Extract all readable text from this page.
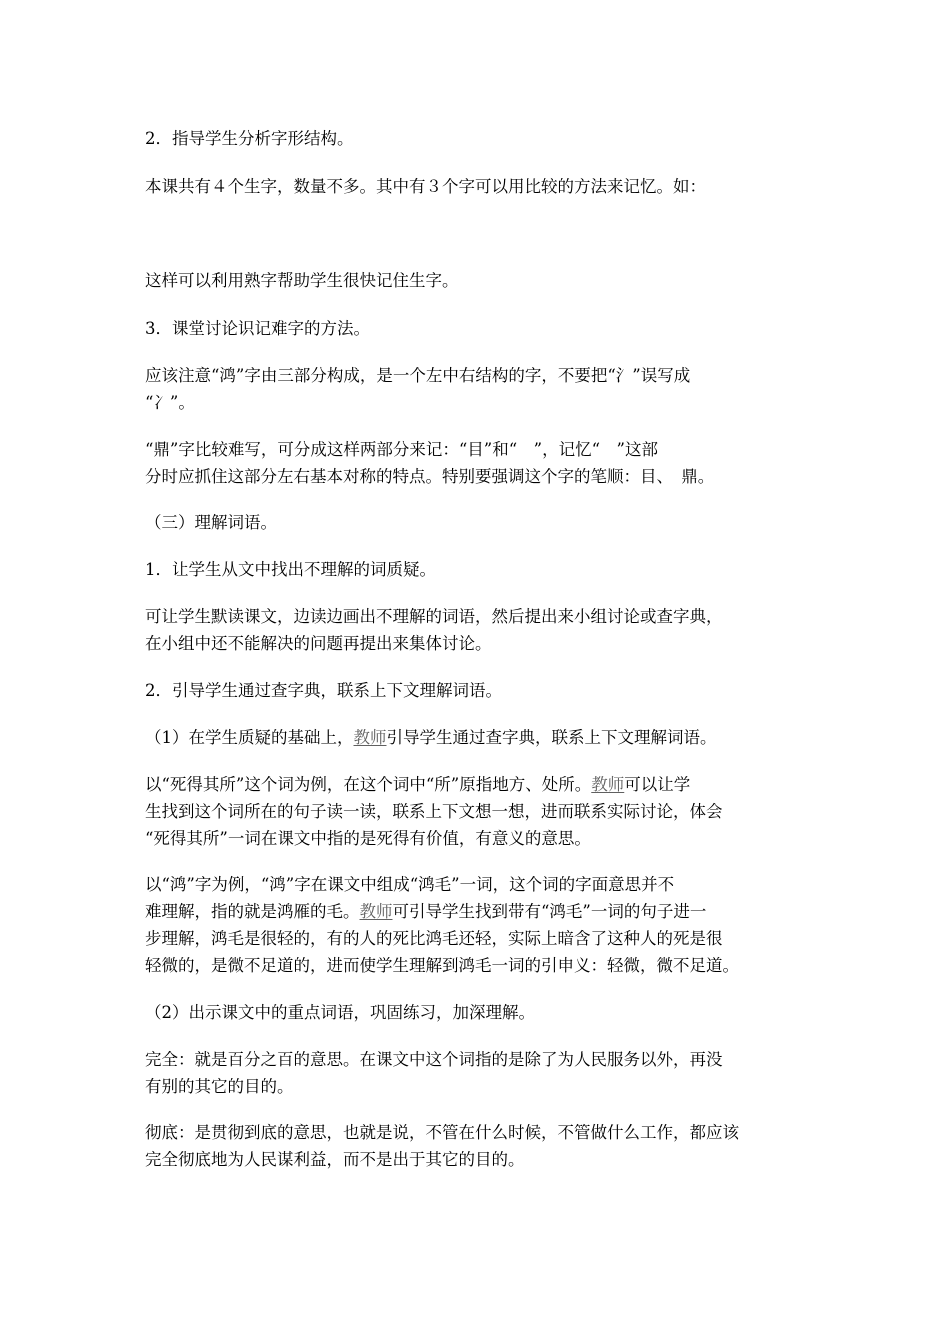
2．指导学生分析字形结构。

本课共有４个生字，数量不多。其中有３个字可以用比较的方法来记忆。如：

这样可以利用熟字帮助学生很快记住生字。

3．课堂讨论识记难字的方法。

应该注意“鸿”字由三部分构成，是一个左中右结构的字，不要把“氵”误写成

“冫”。

“鼎”字比较难写，可分成这样两部分来记：“目”和“　”，记忆“　”这部

分时应抓住这部分左右基本对称的特点。特别要强调这个字的笔顺：目、　鼎。

（三）理解词语。

1．让学生从文中找出不理解的词质疑。

可让学生默读课文，边读边画出不理解的词语，然后提出来小组讨论或查字典，

在小组中还不能解决的问题再提出来集体讨论。

2．引导学生通过查字典，联系上下文理解词语。

（1）在学生质疑的基础上，教师引导学生通过查字典，联系上下文理解词语。

以“死得其所”这个词为例，在这个词中“所”原指地方、处所。教师可以让学

生找到这个词所在的句子读一读，联系上下文想一想，进而联系实际讨论，体会

“死得其所”一词在课文中指的是死得有价值，有意义的意思。

以“鸿”字为例，“鸿”字在课文中组成“鸿毛”一词，这个词的字面意思并不

难理解，指的就是鸿雁的毛。教师可引导学生找到带有“鸿毛”一词的句子进一

步理解，鸿毛是很轻的，有的人的死比鸿毛还轻，实际上暗含了这种人的死是很

轻微的，是微不足道的，进而使学生理解到鸿毛一词的引申义：轻微，微不足道。

（2）出示课文中的重点词语，巩固练习，加深理解。

完全：就是百分之百的意思。在课文中这个词指的是除了为人民服务以外，再没

有别的其它的目的。

彻底：是贯彻到底的意思，也就是说，不管在什么时候，不管做什么工作，都应该

完全彻底地为人民谋利益，而不是出于其它的目的。
